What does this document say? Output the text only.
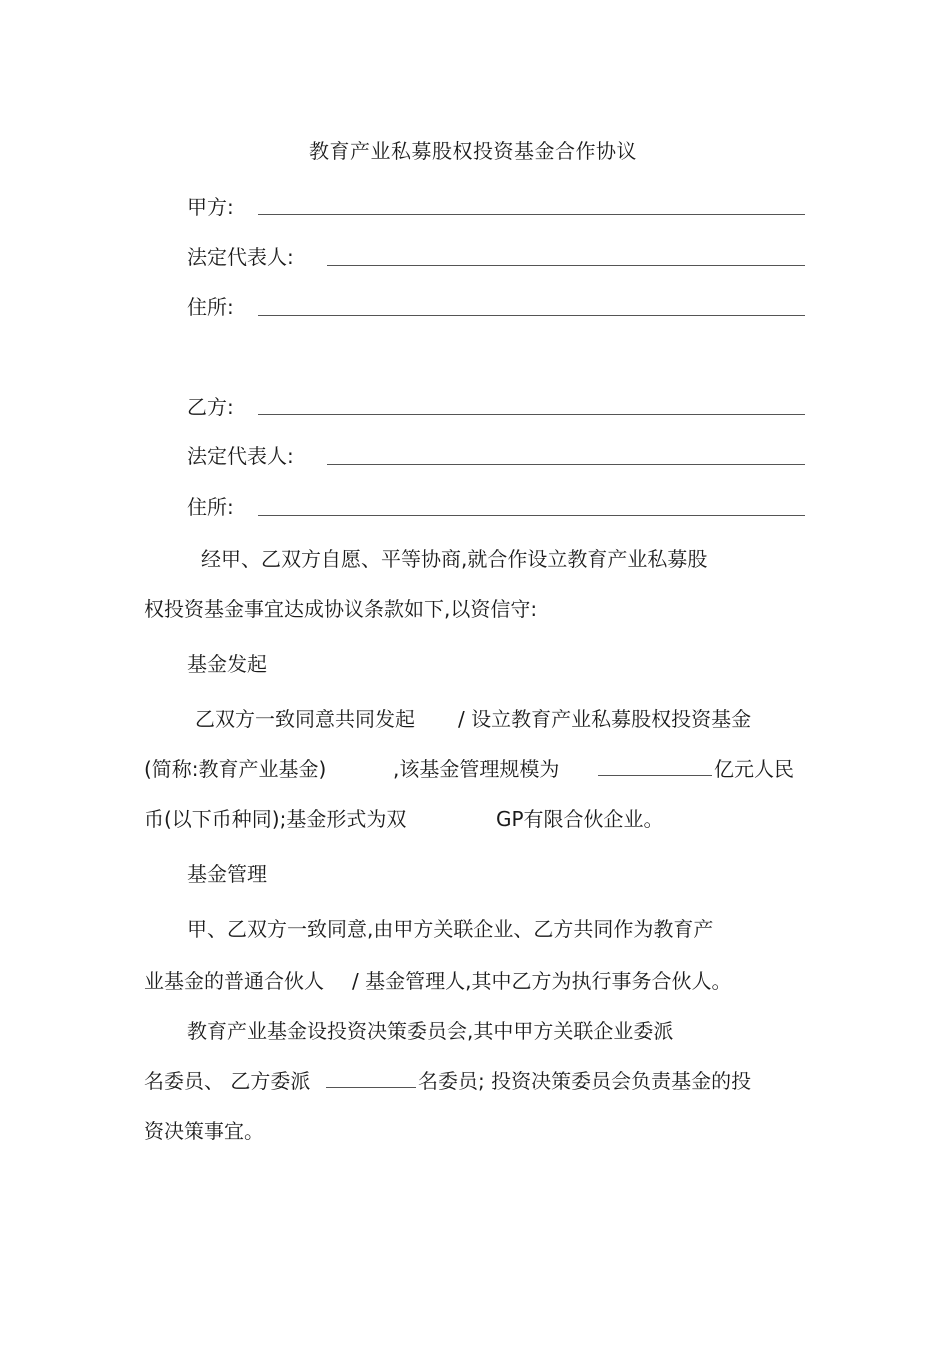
教育产业私募股权投资基金合作协议
甲方:
法定代表人:
住所:
乙方:
法定代表人:
住所:
经甲、乙双方自愿、平等协商,就合作设立教育产业私募股
权投资基金事宜达成协议条款如下,以资信守:
基金发起
乙双方一致同意共同发起 / 设立教育产业私募股权投资基金
(简称:教育产业基金)	,该基金管理规模为	亿元人民
币(以下币种同);基金形式为双	GP有限合伙企业。
基金管理
甲、乙双方一致同意,由甲方关联企业、乙方共同作为教育产
业基金的普通合伙人 / 基金管理人,其中乙方为执行事务合伙人。
教育产业基金设投资决策委员会,其中甲方关联企业委派
名委员、 乙方委派	名委员; 投资决策委员会负责基金的投
资决策事宜。
